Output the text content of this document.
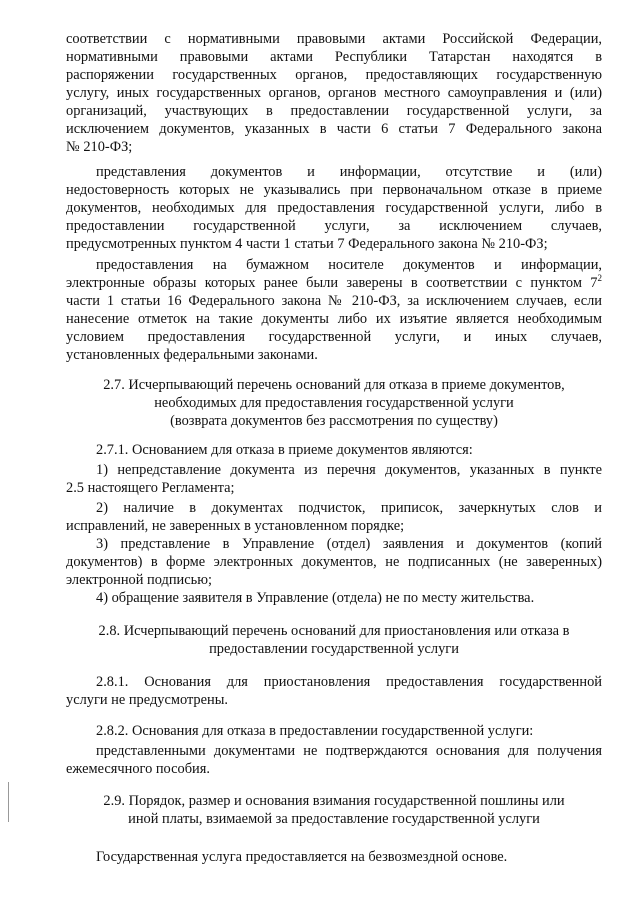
соответствии с нормативными правовыми актами Российской Федерации,
нормативными правовыми актами Республики Татарстан находятся в
распоряжении государственных органов, предоставляющих государственную
услугу, иных государственных органов, органов местного самоуправления и (или)
организаций, участвующих в предоставлении государственной услуги, за
исключением документов, указанных в части 6 статьи 7 Федерального закона
№ 210-ФЗ;
представления документов и информации, отсутствие и (или)
недостоверность которых не указывались при первоначальном отказе в приеме
документов, необходимых для предоставления государственной услуги, либо в
предоставлении государственной услуги, за исключением случаев,
предусмотренных пунктом 4 части 1 статьи 7 Федерального закона № 210-ФЗ;
предоставления на бумажном носителе документов и информации,
электронные образы которых ранее были заверены в соответствии с пунктом $7^2$
части 1 статьи 16 Федерального закона № 210-ФЗ, за исключением случаев, если
нанесение отметок на такие документы либо их изъятие является необходимым
условием предоставления государственной услуги, и иных случаев,
установленных федеральными законами.
2.7. Исчерпывающий перечень оснований для отказа в приеме документов,
необходимых для предоставления государственной услуги
(возврата документов без рассмотрения по существу)
2.7.1. Основанием для отказа в приеме документов являются:
1) непредставление документа из перечня документов, указанных в пункте
2.5 настоящего Регламента;
2) наличие в документах подчисток, приписок, зачеркнутых слов и
исправлений, не заверенных в установленном порядке;
3) представление в Управление (отдел) заявления и документов (копий
документов) в форме электронных документов, не подписанных (не заверенных)
электронной подписью;
4) обращение заявителя в Управление (отдела) не по месту жительства.
2.8. Исчерпывающий перечень оснований для приостановления или отказа в
предоставлении государственной услуги
2.8.1. Основания для приостановления предоставления государственной
услуги не предусмотрены.
2.8.2. Основания для отказа в предоставлении государственной услуги:
представленными документами не подтверждаются основания для получения
ежемесячного пособия.
2.9. Порядок, размер и основания взимания государственной пошлины или
иной платы, взимаемой за предоставление государственной услуги
Государственная услуга предоставляется на безвозмездной основе.
